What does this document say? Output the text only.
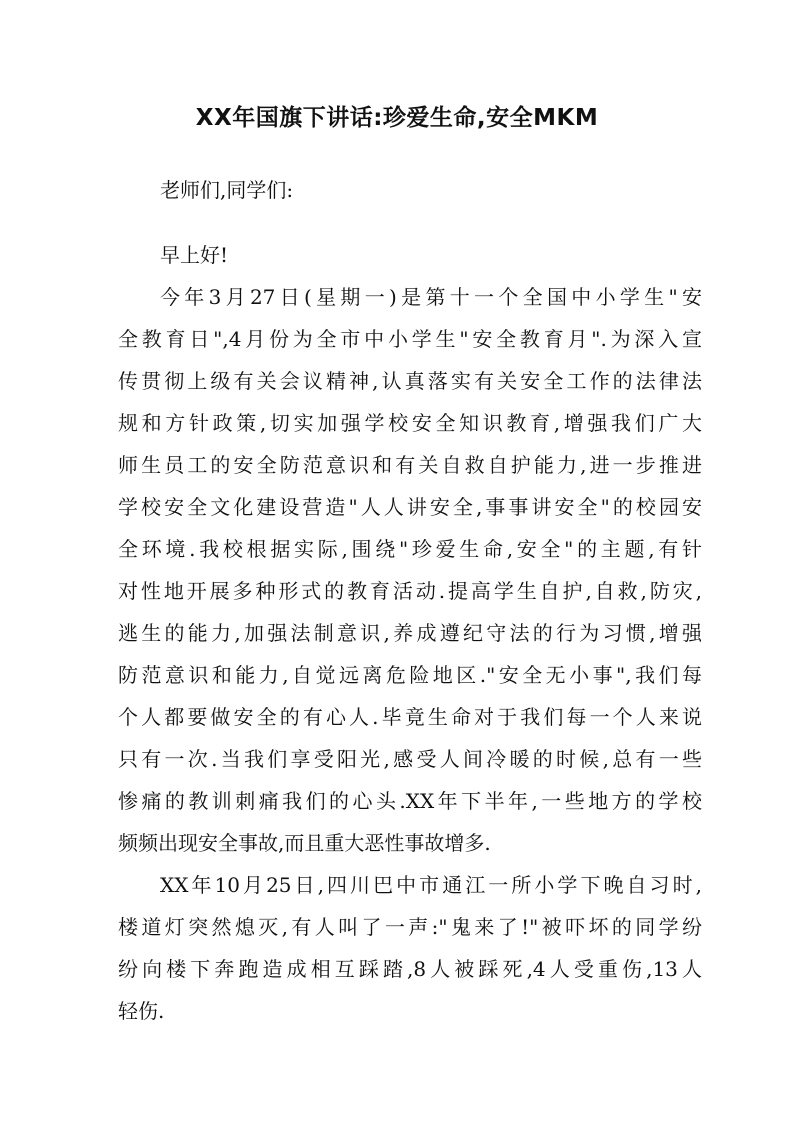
XX年国旗下讲话:珍爱生命,安全MKM
老师们,同学们:
早上好!
今年3月27日(星期一)是第十一个全国中小学生"安
全教育日",4月份为全市中小学生"安全教育月".为深入宣
传贯彻上级有关会议精神,认真落实有关安全工作的法律法
规和方针政策,切实加强学校安全知识教育,增强我们广大
师生员工的安全防范意识和有关自救自护能力,进一步推进
学校安全文化建设营造"人人讲安全,事事讲安全"的校园安
全环境.我校根据实际,围绕"珍爱生命,安全"的主题,有针
对性地开展多种形式的教育活动.提高学生自护,自救,防灾,
逃生的能力,加强法制意识,养成遵纪守法的行为习惯,增强
防范意识和能力,自觉远离危险地区."安全无小事",我们每
个人都要做安全的有心人.毕竟生命对于我们每一个人来说
只有一次.当我们享受阳光,感受人间冷暖的时候,总有一些
惨痛的教训刺痛我们的心头.XX年下半年,一些地方的学校
频频出现安全事故,而且重大恶性事故增多.
XX年10月25日,四川巴中市通江一所小学下晚自习时,
楼道灯突然熄灭,有人叫了一声:"鬼来了!"被吓坏的同学纷
纷向楼下奔跑造成相互踩踏,8人被踩死,4人受重伤,13人
轻伤.
